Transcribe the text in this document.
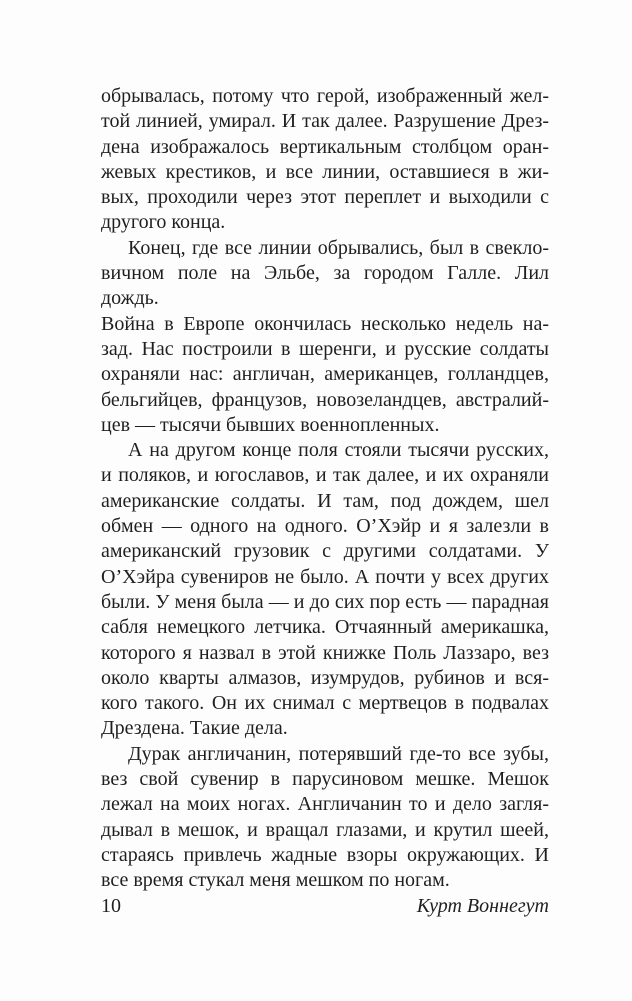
обрывалась, потому что герой, изображенный жел-
той линией, умирал. И так далее. Разрушение Дрез-
дена изображалось вертикальным столбцом оран-
жевых крестиков, и все линии, оставшиеся в жи-
вых, проходили через этот переплет и выходили с
другого конца.
Конец, где все линии обрывались, был в свекло-
вичном поле на Эльбе, за городом Галле. Лил дождь.
Война в Европе окончилась несколько недель на-
зад. Нас построили в шеренги, и русские солдаты
охраняли нас: англичан, американцев, голландцев,
бельгийцев, французов, новозеландцев, австралий-
цев — тысячи бывших военнопленных.
А на другом конце поля стояли тысячи русских,
и поляков, и югославов, и так далее, и их охраняли
американские солдаты. И там, под дождем, шел
обмен — одного на одного. О’Хэйр и я залезли в
американский грузовик с другими солдатами. У
О’Хэйра сувениров не было. А почти у всех других
были. У меня была — и до сих пор есть — парадная
сабля немецкого летчика. Отчаянный америкашка,
которого я назвал в этой книжке Поль Лаззаро, вез
около кварты алмазов, изумрудов, рубинов и вся-
кого такого. Он их снимал с мертвецов в подвалах
Дрездена. Такие дела.
Дурак англичанин, потерявший где-то все зубы,
вез свой сувенир в парусиновом мешке. Мешок
лежал на моих ногах. Англичанин то и дело загля-
дывал в мешок, и вращал глазами, и крутил шеей,
стараясь привлечь жадные взоры окружающих. И
все время стукал меня мешком по ногам.
10	Курт Воннегут
